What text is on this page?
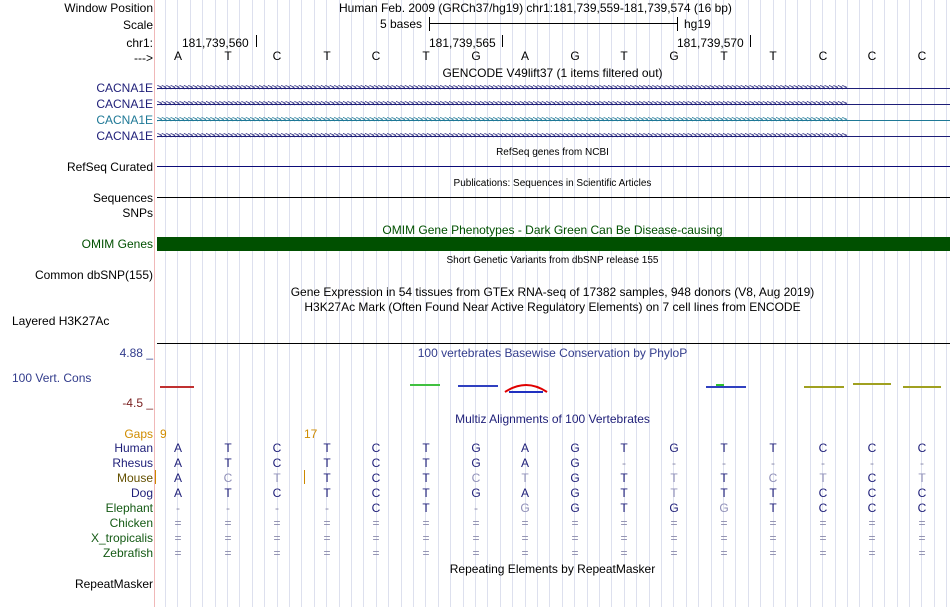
Window Position	Human Feb. 2009 (GRCh37/hg19) chr1:181,739,559-181,739,574 (16 bp)
Scale	5 bases	hg19
chr1: 181,739,560	181,739,565	181,739,570
--->	A	T	C	T	C	T	G	A	G	T	G	T	T	C	C	C
GENCODE V49lift37 (1 items filtered out)
CACNA1E >>>>>>>>>>>>>>>>>>>>>>>>>>>>>>>>>>>>>>>>>>>>>>>>>>>>>>>>>>>>>>>>>>>>>>>>>>>>>>>>>>>>>>>>>>>>>>>>>>>>>>>>>>>>>>>>>>>>>>>>>>>>>>>>>>>>>>>>>>>>>>>>>>>>>>>>>>>>
CACNA1E >>>>>>>>>>>>>>>>>>>>>>>>>>>>>>>>>>>>>>>>>>>>>>>>>>>>>>>>>>>>>>>>>>>>>>>>>>>>>>>>>>>>>>>>>>>>>>>>>>>>>>>>>>>>>>>>>>>>>>>>>>>>>>>>>>>>>>>>>>>>>>>>>>>>>>>>>>>>
CACNA1E >>>>>>>>>>>>>>>>>>>>>>>>>>>>>>>>>>>>>>>>>>>>>>>>>>>>>>>>>>>>>>>>>>>>>>>>>>>>>>>>>>>>>>>>>>>>>>>>>>>>>>>>>>>>>>>>>>>>>>>>>>>>>>>>>>>>>>>>>>>>>>>>>>>>>>>>>>>>
CACNA1E >>>>>>>>>>>>>>>>>>>>>>>>>>>>>>>>>>>>>>>>>>>>>>>>>>>>>>>>>>>>>>>>>>>>>>>>>>>>>>>>>>>>>>>>>>>>>>>>>>>>>>>>>>>>>>>>>>>>>>>>>>>>>>>>>>>>>>>>>>>>>>>>>>>>>>>>>>>>
RefSeq genes from NCBI
RefSeq Curated
Publications: Sequences in Scientific Articles
Sequences
SNPs
OMIM Gene Phenotypes - Dark Green Can Be Disease-causing
OMIM Genes
Short Genetic Variants from dbSNP release 155
Common dbSNP(155)
Gene Expression in 54 tissues from GTEx RNA-seq of 17382 samples, 948 donors (V8, Aug 2019)
H3K27Ac Mark (Often Found Near Active Regulatory Elements) on 7 cell lines from ENCODE
Layered H3K27Ac
4.88 _	100 vertebrates Basewise Conservation by PhyloP
100 Vert. Cons
-4.5 _
Multiz Alignments of 100 Vertebrates
Gaps 9	17
Human	A	T	C	T	C	T	G	A	G	T	G	T	T	C	C	C
Rhesus	A	T	C	T	C	T	G	A	G	-	-	-	-	-	-	-
Mouse	A	C	T	T	C	T	C	T	G	T	T	T	C	T	C	T
Dog	A	T	C	T	C	T	G	A	G	T	T	T	T	C	C	C
Elephant	-	-	-	-	C	T	-	G	G	T	G	G	T	C	C	C
Chicken	=	=	=	=	=	=	=	=	=	=	=	=	=	=	=	=
X_tropicalis	=	=	=	=	=	=	=	=	=	=	=	=	=	=	=	=
Zebrafish	=	=	=	=	=	=	=	=	=	=	=	=	=	=	=	=
Repeating Elements by RepeatMasker
RepeatMasker
